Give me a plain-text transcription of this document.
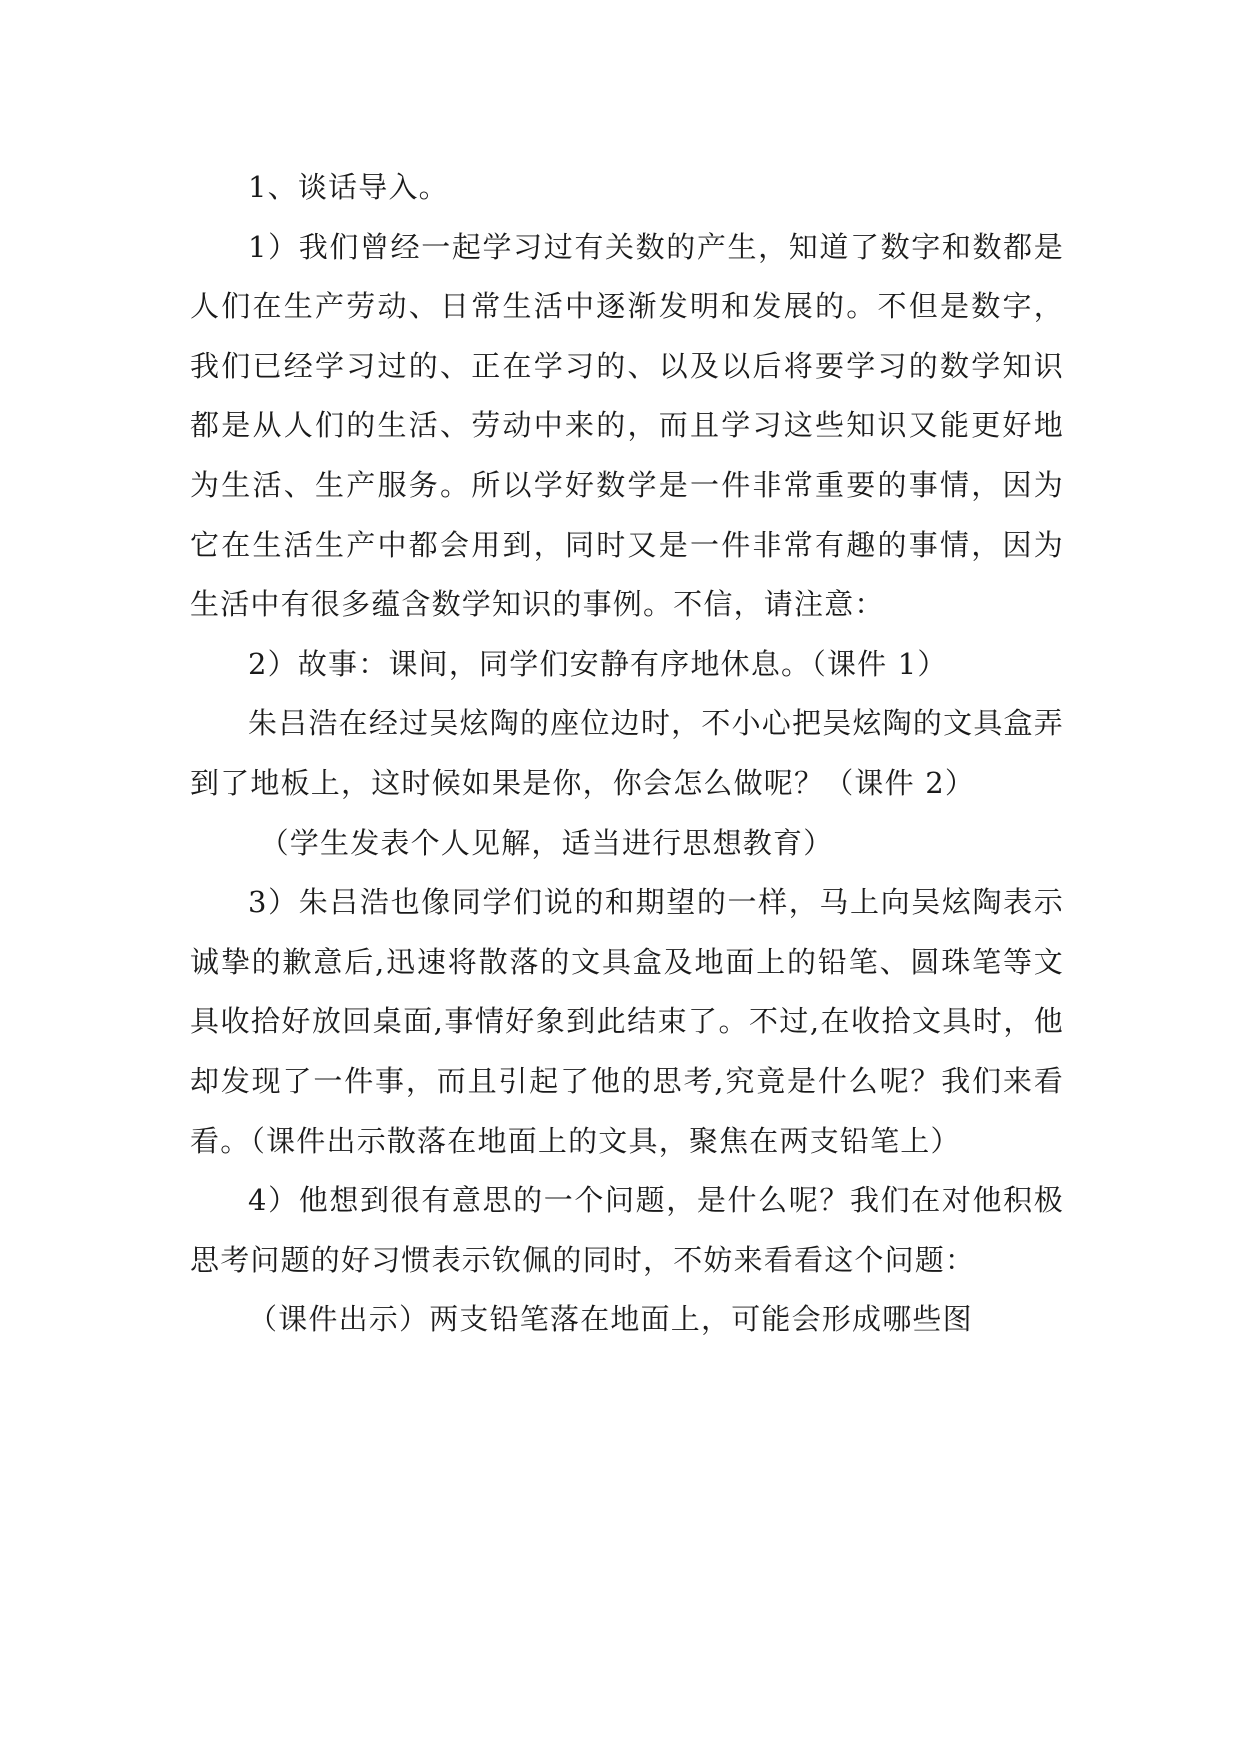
1、谈话导入。

1）我们曾经一起学习过有关数的产生，知道了数字和数都是人们在生产劳动、日常生活中逐渐发明和发展的。不但是数字，我们已经学习过的、正在学习的、以及以后将要学习的数学知识都是从人们的生活、劳动中来的，而且学习这些知识又能更好地为生活、生产服务。所以学好数学是一件非常重要的事情，因为它在生活生产中都会用到，同时又是一件非常有趣的事情，因为生活中有很多蕴含数学知识的事例。不信，请注意：

2）故事：课间，同学们安静有序地休息。（课件 1）

朱吕浩在经过吴炫陶的座位边时，不小心把吴炫陶的文具盒弄到了地板上，这时候如果是你，你会怎么做呢？（课件 2）

（学生发表个人见解，适当进行思想教育）

3）朱吕浩也像同学们说的和期望的一样，马上向吴炫陶表示诚挚的歉意后,迅速将散落的文具盒及地面上的铅笔、圆珠笔等文具收拾好放回桌面,事情好象到此结束了。不过,在收拾文具时，他却发现了一件事，而且引起了他的思考,究竟是什么呢？我们来看看。（课件出示散落在地面上的文具，聚焦在两支铅笔上）

4）他想到很有意思的一个问题，是什么呢？我们在对他积极思考问题的好习惯表示钦佩的同时，不妨来看看这个问题：

（课件出示）两支铅笔落在地面上，可能会形成哪些图
